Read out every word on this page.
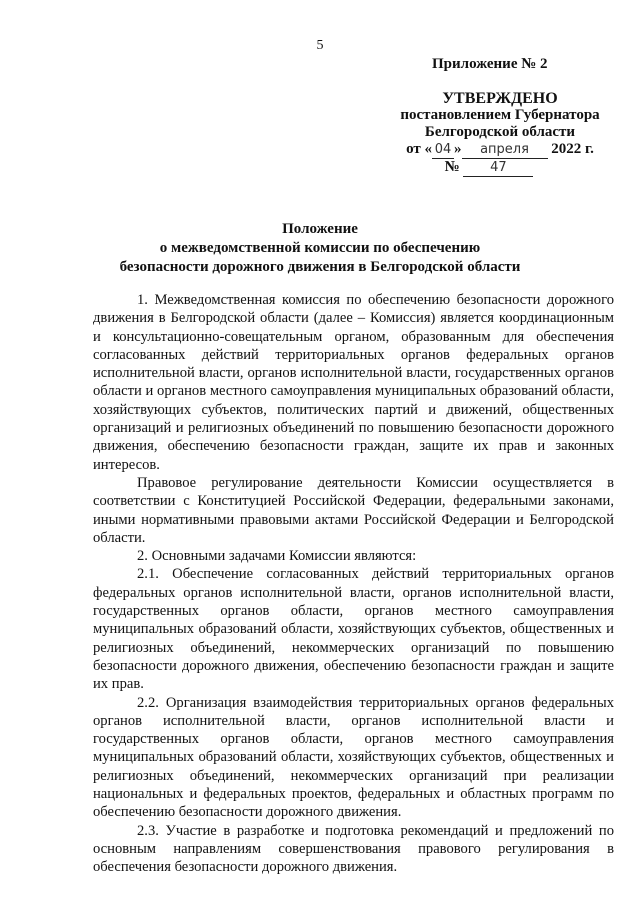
5
Приложение № 2
УТВЕРЖДЕНО
постановлением Губернатора
Белгородской области
от « 04 » апреля 2022 г.
№ 47
Положение
о межведомственной комиссии по обеспечению
безопасности дорожного движения в Белгородской области

1. Межведомственная комиссия по обеспечению безопасности дорожного движения в Белгородской области (далее – Комиссия) является координационным и консультационно-совещательным органом, образованным для обеспечения согласованных действий территориальных органов федеральных органов исполнительной власти, органов исполнительной власти, государственных органов области и органов местного самоуправления муниципальных образований области, хозяйствующих субъектов, политических партий и движений, общественных организаций и религиозных объединений по повышению безопасности дорожного движения, обеспечению безопасности граждан, защите их прав и законных интересов.

Правовое регулирование деятельности Комиссии осуществляется в соответствии с Конституцией Российской Федерации, федеральными законами, иными нормативными правовыми актами Российской Федерации и Белгородской области.

2. Основными задачами Комиссии являются:

2.1. Обеспечение согласованных действий территориальных органов федеральных органов исполнительной власти, органов исполнительной власти, государственных органов области, органов местного самоуправления муниципальных образований области, хозяйствующих субъектов, общественных и религиозных объединений, некоммерческих организаций по повышению безопасности дорожного движения, обеспечению безопасности граждан и защите их прав.

2.2. Организация взаимодействия территориальных органов федеральных органов исполнительной власти, органов исполнительной власти и государственных органов области, органов местного самоуправления муниципальных образований области, хозяйствующих субъектов, общественных и религиозных объединений, некоммерческих организаций при реализации национальных и федеральных проектов, федеральных и областных программ по обеспечению безопасности дорожного движения.

2.3. Участие в разработке и подготовка рекомендаций и предложений по основным направлениям совершенствования правового регулирования в обеспечения безопасности дорожного движения.
